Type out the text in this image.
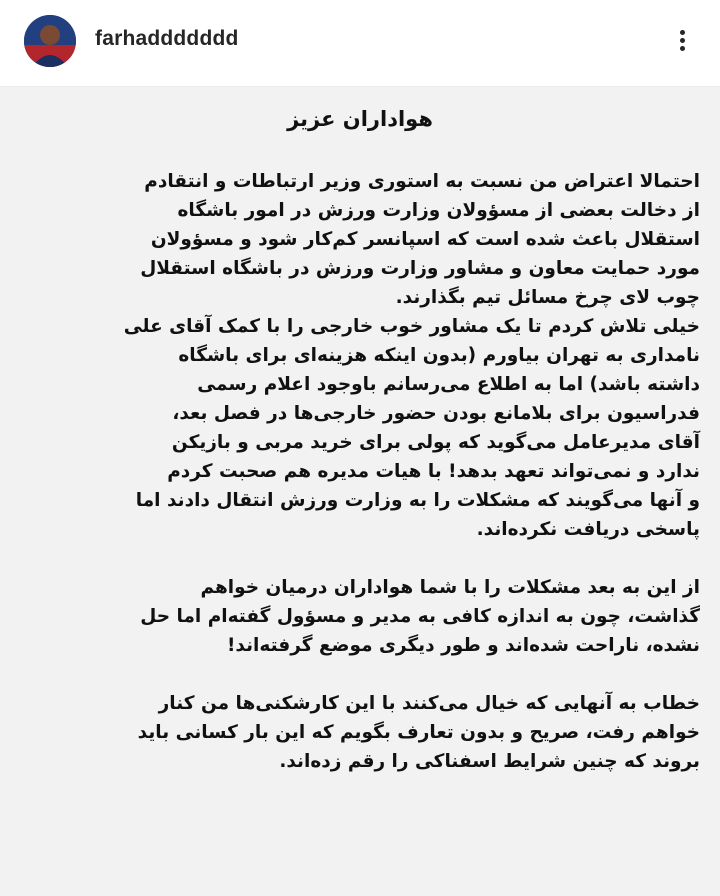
farhaddddddd
هواداران عزیز
احتمالا اعتراض من نسبت به استوری وزیر ارتباطات و انتقادم
از دخالت بعضی از مسؤولان وزارت ورزش در امور باشگاه
استقلال باعث شده است که اسپانسر کم‌کار شود و مسؤولان
مورد حمایت معاون و مشاور وزارت ورزش در باشگاه استقلال
چوب لای چرخ مسائل تیم بگذارند.
خیلی تلاش کردم تا یک مشاور خوب خارجی را با کمک آقای علی
نامداری به تهران بیاورم (بدون اینکه هزینه‌ای برای باشگاه
داشته باشد) اما به اطلاع می‌رسانم باوجود اعلام رسمی
فدراسیون برای بلامانع بودن حضور خارجی‌ها در فصل بعد،
آقای مدیرعامل می‌گوید که پولی برای خرید مربی و بازیکن
ندارد و نمی‌تواند تعهد بدهد! با هیات مدیره هم صحبت کردم
و آنها می‌گویند که مشکلات را به وزارت ورزش انتقال دادند اما
پاسخی دریافت نکرده‌اند.
از این به بعد مشکلات را با شما هواداران درمیان خواهم
گذاشت، چون به اندازه کافی به مدیر و مسؤول گفته‌ام اما حل
نشده، ناراحت شده‌اند و طور دیگری موضع گرفته‌اند!
خطاب به آنهایی که خیال می‌کنند با این کارشکنی‌ها من کنار
خواهم رفت، صریح و بدون تعارف بگویم که این بار کسانی باید
بروند که چنین شرایط اسفناکی را رقم زده‌اند.
